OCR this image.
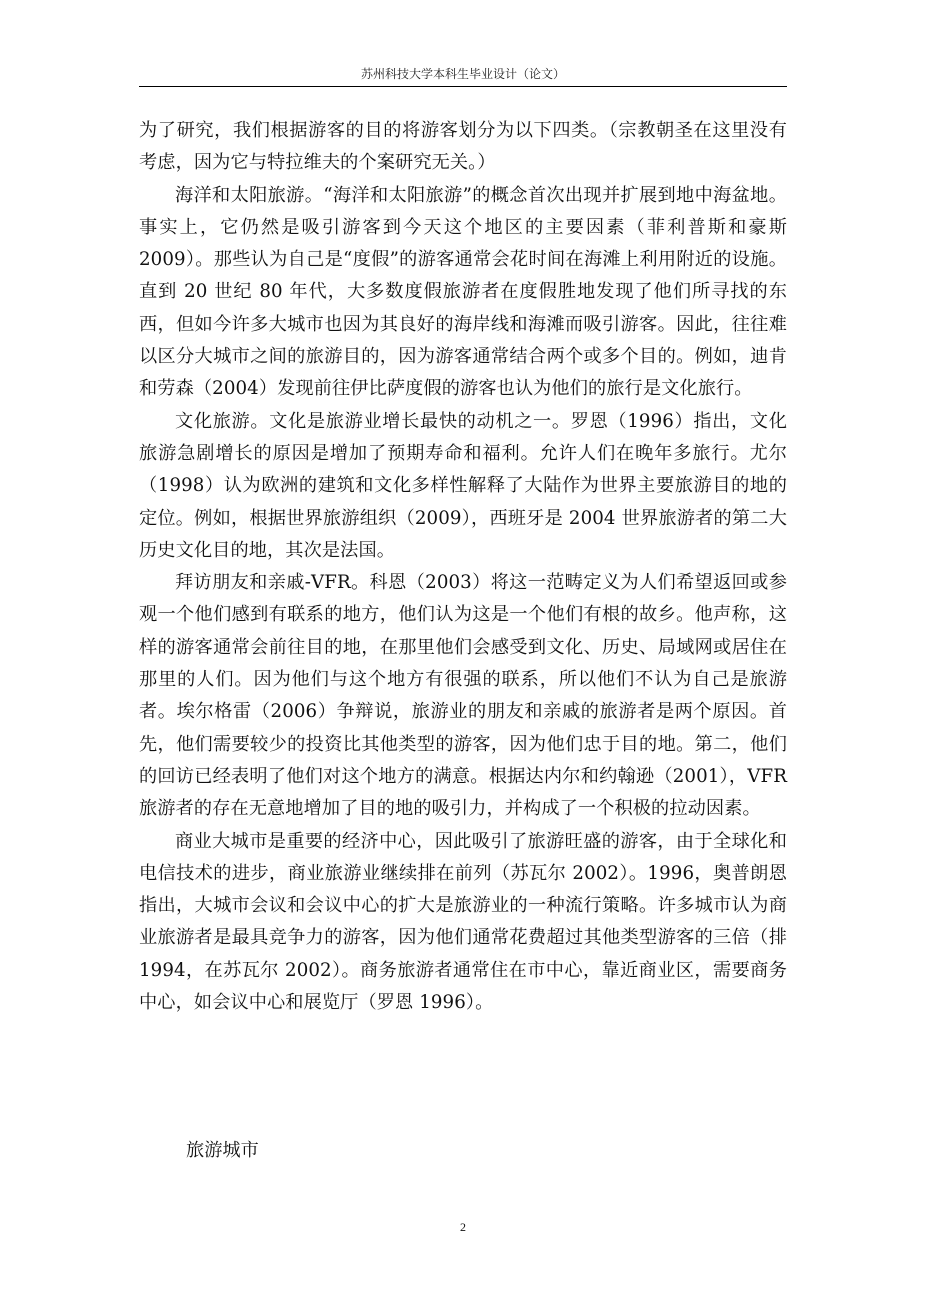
苏州科技大学本科生毕业设计（论文）

为了研究，我们根据游客的目的将游客划分为以下四类。（宗教朝圣在这里没有考虑，因为它与特拉维夫的个案研究无关。）

海洋和太阳旅游。“海洋和太阳旅游”的概念首次出现并扩展到地中海盆地。事实上，它仍然是吸引游客到今天这个地区的主要因素（菲利普斯和豪斯 2009）。那些认为自己是“度假”的游客通常会花时间在海滩上利用附近的设施。直到 20 世纪 80 年代，大多数度假旅游者在度假胜地发现了他们所寻找的东西，但如今许多大城市也因为其良好的海岸线和海滩而吸引游客。因此，往往难以区分大城市之间的旅游目的，因为游客通常结合两个或多个目的。例如，迪肯和劳森（2004）发现前往伊比萨度假的游客也认为他们的旅行是文化旅行。

文化旅游。文化是旅游业增长最快的动机之一。罗恩（1996）指出，文化旅游急剧增长的原因是增加了预期寿命和福利。允许人们在晚年多旅行。尤尔（1998）认为欧洲的建筑和文化多样性解释了大陆作为世界主要旅游目的地的定位。例如，根据世界旅游组织（2009），西班牙是 2004 世界旅游者的第二大历史文化目的地，其次是法国。

拜访朋友和亲戚-VFR。科恩（2003）将这一范畴定义为人们希望返回或参观一个他们感到有联系的地方，他们认为这是一个他们有根的故乡。他声称，这样的游客通常会前往目的地，在那里他们会感受到文化、历史、局域网或居住在那里的人们。因为他们与这个地方有很强的联系，所以他们不认为自己是旅游者。埃尔格雷（2006）争辩说，旅游业的朋友和亲戚的旅游者是两个原因。首先，他们需要较少的投资比其他类型的游客，因为他们忠于目的地。第二，他们的回访已经表明了他们对这个地方的满意。根据达内尔和约翰逊（2001），VFR 旅游者的存在无意地增加了目的地的吸引力，并构成了一个积极的拉动因素。

商业大城市是重要的经济中心，因此吸引了旅游旺盛的游客，由于全球化和电信技术的进步，商业旅游业继续排在前列（苏瓦尔 2002）。1996，奥普朗恩指出，大城市会议和会议中心的扩大是旅游业的一种流行策略。许多城市认为商业旅游者是最具竞争力的游客，因为他们通常花费超过其他类型游客的三倍（排 1994，在苏瓦尔 2002）。商务旅游者通常住在市中心，靠近商业区，需要商务中心，如会议中心和展览厅（罗恩 1996）。

旅游城市
2
